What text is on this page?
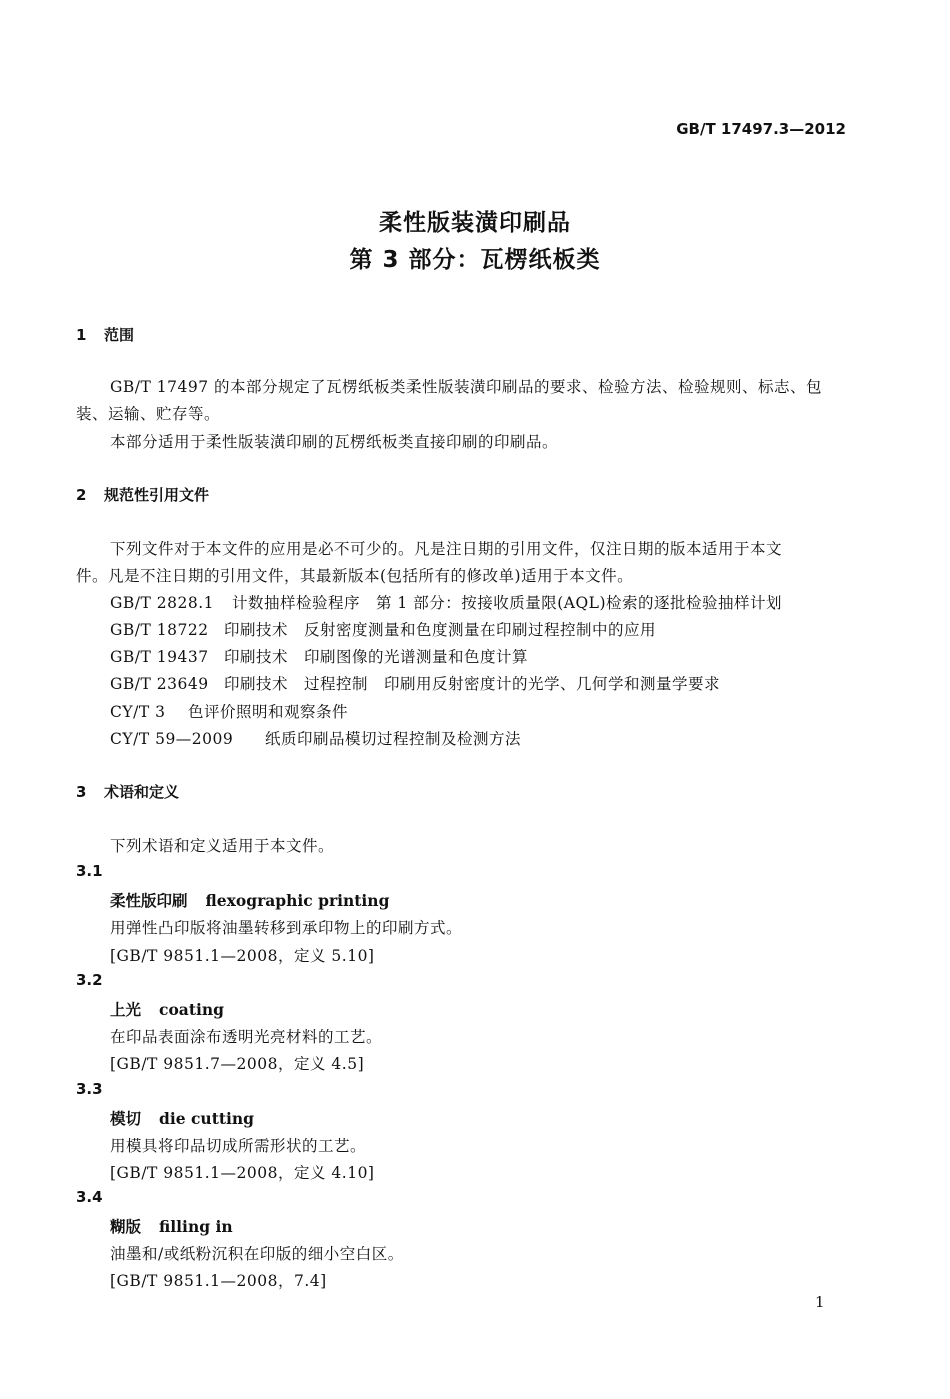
GB/T 17497.3—2012
柔性版装潢印刷品
第 3 部分：瓦楞纸板类
1 范围
GB/T 17497 的本部分规定了瓦楞纸板类柔性版装潢印刷品的要求、检验方法、检验规则、标志、包
装、运输、贮存等。
本部分适用于柔性版装潢印刷的瓦楞纸板类直接印刷的印刷品。
2 规范性引用文件
下列文件对于本文件的应用是必不可少的。凡是注日期的引用文件，仅注日期的版本适用于本文
件。凡是不注日期的引用文件，其最新版本(包括所有的修改单)适用于本文件。
GB/T 2828.1 计数抽样检验程序　第 1 部分：按接收质量限(AQL)检索的逐批检验抽样计划
GB/T 18722 印刷技术　反射密度测量和色度测量在印刷过程控制中的应用
GB/T 19437 印刷技术　印刷图像的光谱测量和色度计算
GB/T 23649 印刷技术　过程控制　印刷用反射密度计的光学、几何学和测量学要求
CY/T 3 色评价照明和观察条件
CY/T 59—2009 纸质印刷品模切过程控制及检测方法
3 术语和定义
下列术语和定义适用于本文件。
3.1
柔性版印刷 flexographic printing
用弹性凸印版将油墨转移到承印物上的印刷方式。
[GB/T 9851.1—2008，定义 5.10]
3.2
上光 coating
在印品表面涂布透明光亮材料的工艺。
[GB/T 9851.7—2008，定义 4.5]
3.3
模切 die cutting
用模具将印品切成所需形状的工艺。
[GB/T 9851.1—2008，定义 4.10]
3.4
糊版 filling in
油墨和/或纸粉沉积在印版的细小空白区。
[GB/T 9851.1—2008，7.4]
1
